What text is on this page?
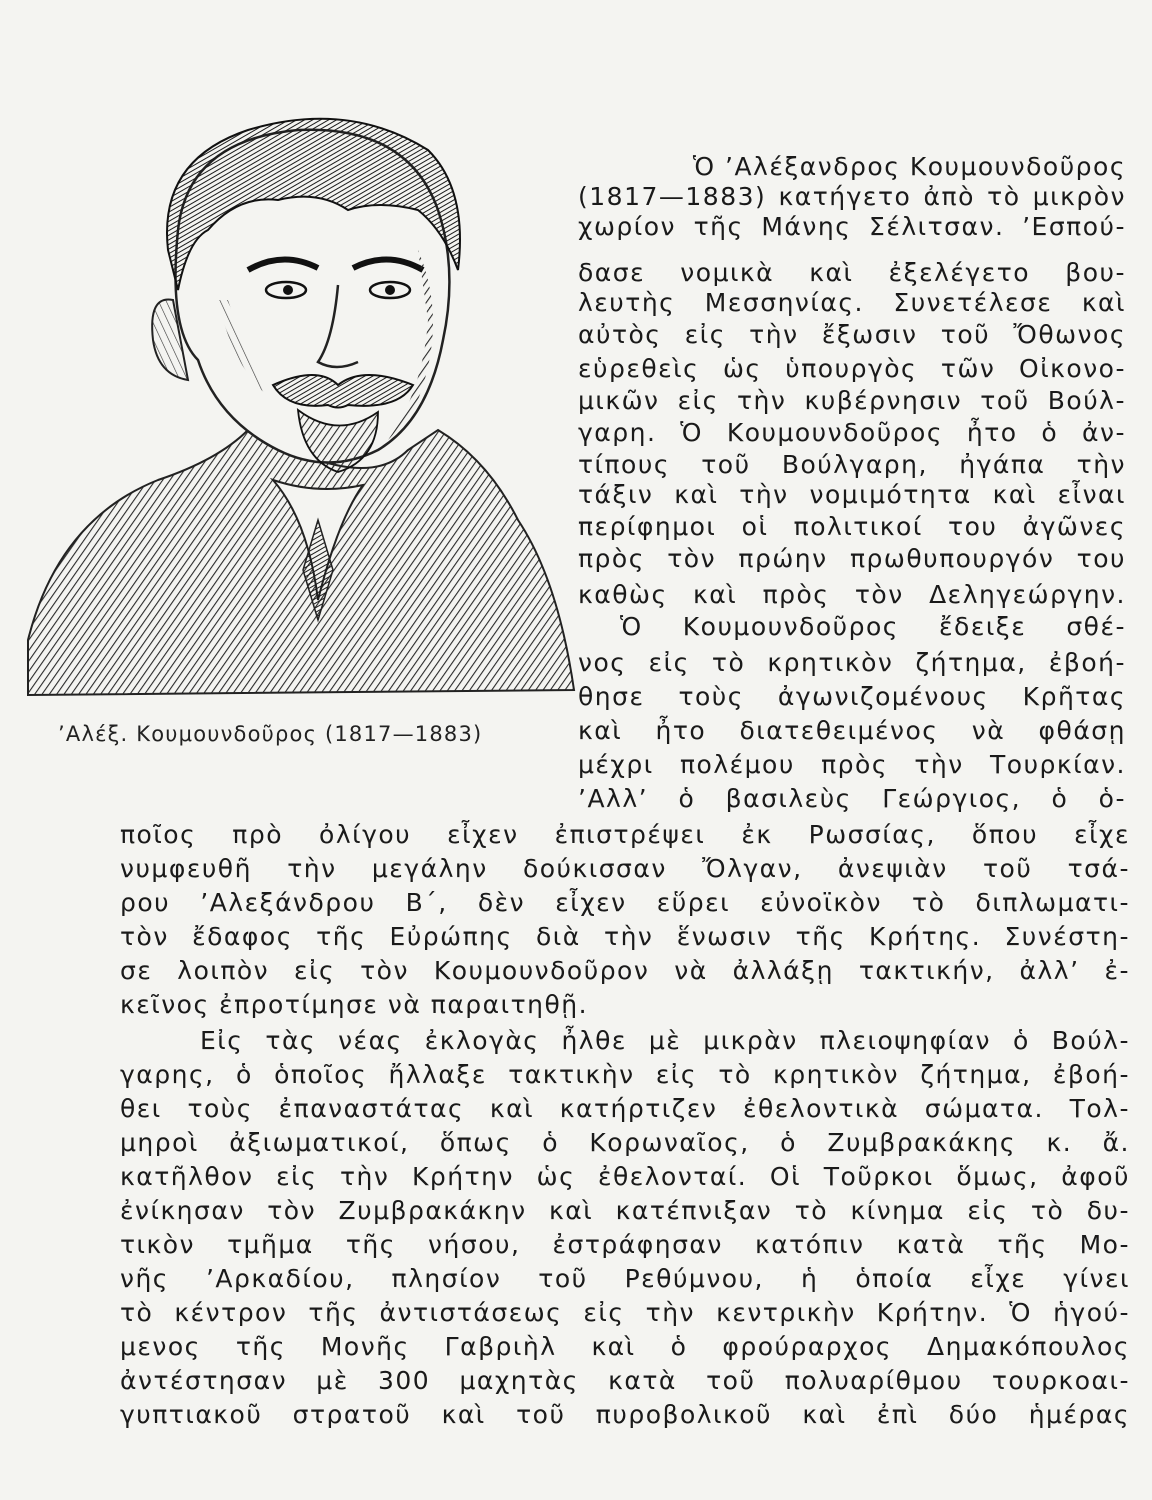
’Αλέξ. Κουμουνδοῦρος (1817—1883)
Ὁ ’Αλέξανδρος Κουμουνδοῦρος
(1817—1883) κατήγετο ἀπὸ τὸ μικρὸν
χωρίον τῆς Μάνης Σέλιτσαν. ’Εσπού-
δασε νομικὰ καὶ ἐξελέγετο βου-
λευτὴς Μεσσηνίας. Συνετέλεσε καὶ
αὐτὸς εἰς τὴν ἔξωσιν τοῦ Ὄθωνος
εὑρεθεὶς ὡς ὑπουργὸς τῶν Οἰκονο-
μικῶν εἰς τὴν κυβέρνησιν τοῦ Βούλ-
γαρη. Ὁ Κουμουνδοῦρος ἦτο ὁ ἀν-
τίπους τοῦ Βούλγαρη, ἠγάπα τὴν
τάξιν καὶ τὴν νομιμότητα καὶ εἶναι
περίφημοι οἱ πολιτικοί του ἀγῶνες
πρὸς τὸν πρώην πρωθυπουργόν του
καθὼς καὶ πρὸς τὸν Δεληγεώργην.
Ὁ Κουμουνδοῦρος ἔδειξε σθέ-
νος εἰς τὸ κρητικὸν ζήτημα, ἐβοή-
θησε τοὺς ἀγωνιζομένους Κρῆτας
καὶ ἦτο διατεθειμένος νὰ φθάσῃ
μέχρι πολέμου πρὸς τὴν Τουρκίαν.
’Αλλ’ ὁ βασιλεὺς Γεώργιος, ὁ ὁ-
ποῖος πρὸ ὀλίγου εἶχεν ἐπιστρέψει ἐκ Ρωσσίας, ὅπου εἶχε
νυμφευθῆ τὴν μεγάλην δούκισσαν Ὄλγαν, ἀνεψιὰν τοῦ τσά-
ρου ’Αλεξάνδρου Β΄, δὲν εἶχεν εὕρει εὐνοϊκὸν τὸ διπλωματι-
τὸν ἔδαφος τῆς Εὐρώπης διὰ τὴν ἕνωσιν τῆς Κρήτης. Συνέστη-
σε λοιπὸν εἰς τὸν Κουμουνδοῦρον νὰ ἀλλάξῃ τακτικήν, ἀλλ’ ἐ-
κεῖνος ἐπροτίμησε νὰ παραιτηθῇ.
Εἰς τὰς νέας ἐκλογὰς ἦλθε μὲ μικρὰν πλειοψηφίαν ὁ Βούλ-
γαρης, ὁ ὁποῖος ἤλλαξε τακτικὴν εἰς τὸ κρητικὸν ζήτημα, ἐβοή-
θει τοὺς ἐπαναστάτας καὶ κατήρτιζεν ἐθελοντικὰ σώματα. Τολ-
μηροὶ ἀξιωματικοί, ὅπως ὁ Κορωναῖος, ὁ Ζυμβρακάκης κ. ἄ.
κατῆλθον εἰς τὴν Κρήτην ὡς ἐθελονταί. Οἱ Τοῦρκοι ὅμως, ἀφοῦ
ἐνίκησαν τὸν Ζυμβρακάκην καὶ κατέπνιξαν τὸ κίνημα εἰς τὸ δυ-
τικὸν τμῆμα τῆς νήσου, ἐστράφησαν κατόπιν κατὰ τῆς Μο-
νῆς ’Αρκαδίου, πλησίον τοῦ Ρεθύμνου, ἡ ὁποία εἶχε γίνει
τὸ κέντρον τῆς ἀντιστάσεως εἰς τὴν κεντρικὴν Κρήτην. Ὁ ἡγού-
μενος τῆς Μονῆς Γαβριὴλ καὶ ὁ φρούραρχος Δημακόπουλος
ἀντέστησαν μὲ 300 μαχητὰς κατὰ τοῦ πολυαρίθμου τουρκοαι-
γυπτιακοῦ στρατοῦ καὶ τοῦ πυροβολικοῦ καὶ ἐπὶ δύο ἡμέρας
